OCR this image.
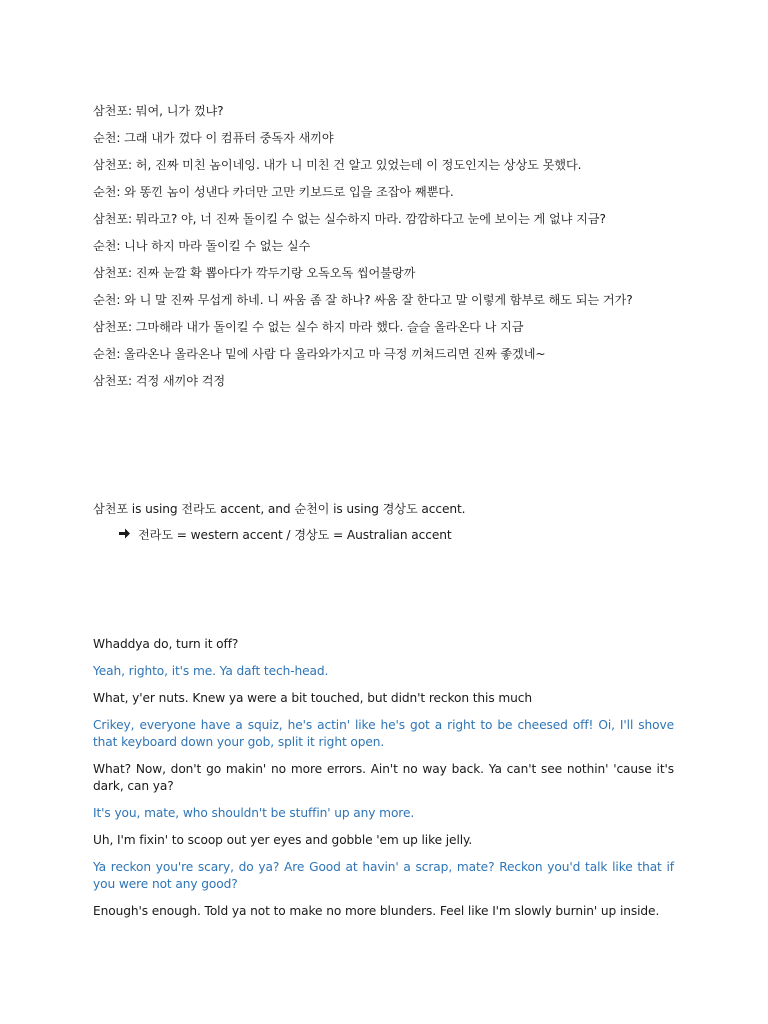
삼천포: 뭐여, 니가 껐냐?

순천: 그래 내가 껐다 이 컴퓨터 중독자 새끼야

삼천포: 허, 진짜 미친 놈이네잉. 내가 니 미친 건 알고 있었는데 이 정도인지는 상상도 못했다.

순천: 와 똥낀 놈이 성낸다 카더만 고만 키보드로 입을 조잡아 째뿐다.

삼천포: 뭐라고? 야, 너 진짜 돌이킬 수 없는 실수하지 마라. 깜깜하다고 눈에 보이는 게 없냐 지금?

순천: 니나 하지 마라 돌이킬 수 없는 실수

삼천포: 진짜 눈깔 확 뽑아다가 깍두기랑 오독오독 씹어불랑까

순천: 와 니 말 진짜 무섭게 하네. 니 싸움 좀 잘 하나? 싸움 잘 한다고 말 이렇게 함부로 해도 되는 거가?

삼천포: 그마해라 내가 돌이킬 수 없는 실수 하지 마라 했다. 슬슬 올라온다 나 지금

순천: 올라온나 올라온나 밑에 사람 다 올라와가지고 마 극정 끼쳐드리면 진짜 좋겠네~

삼천포: 걱정 새끼야 걱정

삼천포 is using 전라도 accent, and 순천이 is using 경상도 accent.

전라도 = western accent / 경상도 = Australian accent

Whaddya do, turn it off?

Yeah, righto, it's me. Ya daft tech-head.

What, y'er nuts. Knew ya were a bit touched, but didn't reckon this much

Crikey, everyone have a squiz, he's actin' like he's got a right to be cheesed off! Oi, I'll shove that keyboard down your gob, split it right open.

What? Now, don't go makin' no more errors. Ain't no way back. Ya can't see nothin' 'cause it's dark, can ya?

It's you, mate, who shouldn't be stuffin' up any more.

Uh, I'm fixin' to scoop out yer eyes and gobble 'em up like jelly.

Ya reckon you're scary, do ya? Are Good at havin' a scrap, mate? Reckon you'd talk like that if you were not any good?

Enough's enough. Told ya not to make no more blunders. Feel like I'm slowly burnin' up inside.
